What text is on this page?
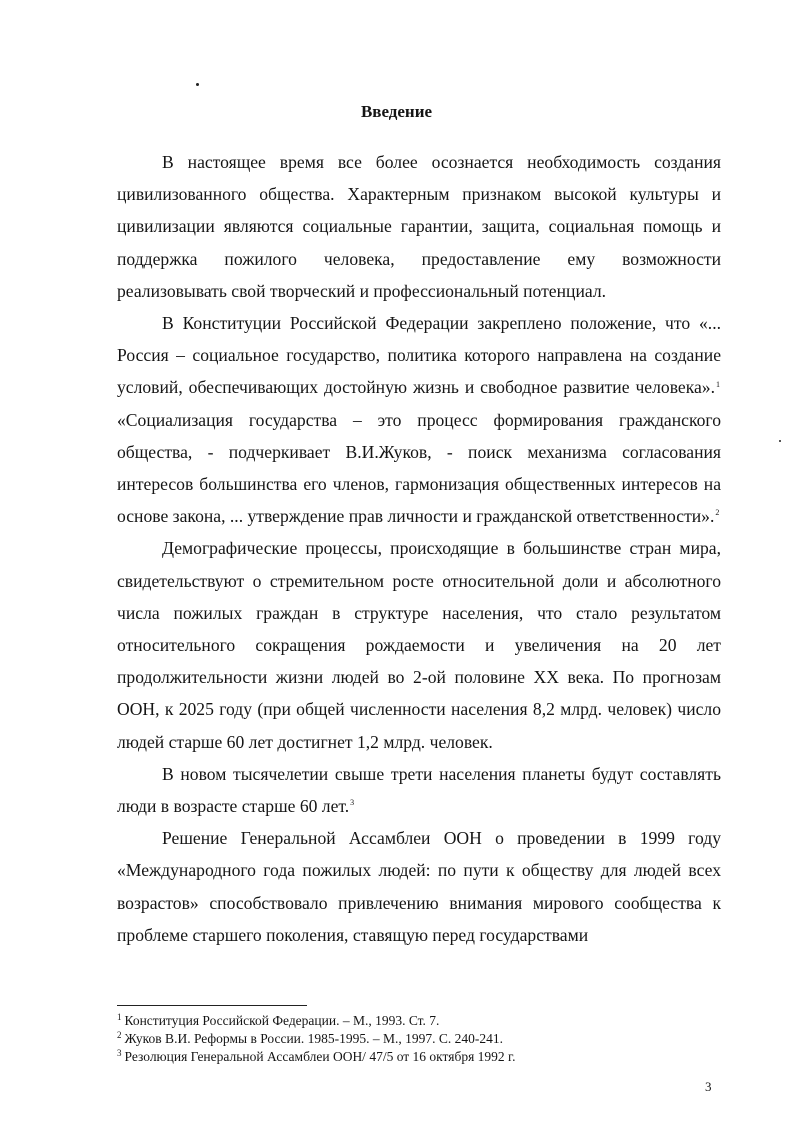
Введение

В настоящее время все более осознается необходимость создания цивилизованного общества. Характерным признаком высокой культуры и цивилизации являются социальные гарантии, защита, социальная помощь и поддержка пожилого человека, предоставление ему возможности реализовывать свой творческий и профессиональный потенциал.

В Конституции Российской Федерации закреплено положение, что «... Россия – социальное государство, политика которого направлена на создание условий, обеспечивающих достойную жизнь и свободное развитие человека».$^1$ «Социализация государства – это процесс формирования гражданского общества, - подчеркивает В.И.Жуков, - поиск механизма согласования интересов большинства его членов, гармонизация общественных интересов на основе закона, ... утверждение прав личности и гражданской ответственности».$^2$

Демографические процессы, происходящие в большинстве стран мира, свидетельствуют о стремительном росте относительной доли и абсолютного числа пожилых граждан в структуре населения, что стало результатом относительного сокращения рождаемости и увеличения на 20 лет продолжительности жизни людей во 2-ой половине XX века. По прогнозам ООН, к 2025 году (при общей численности населения 8,2 млрд. человек) число людей старше 60 лет достигнет 1,2 млрд. человек.

В новом тысячелетии свыше трети населения планеты будут составлять люди в возрасте старше 60 лет.$^3$

Решение Генеральной Ассамблеи ООН о проведении в 1999 году «Международного года пожилых людей: по пути к обществу для людей всех возрастов» способствовало привлечению внимания мирового сообщества к проблеме старшего поколения, ставящую перед государствами

$^1$ Конституция Российской Федерации. – М., 1993. Ст. 7.

$^2$ Жуков В.И. Реформы в России. 1985-1995. – М., 1997. С. 240-241.

$^3$ Резолюция Генеральной Ассамблеи ООН/ 47/5 от 16 октября 1992 г.

3
